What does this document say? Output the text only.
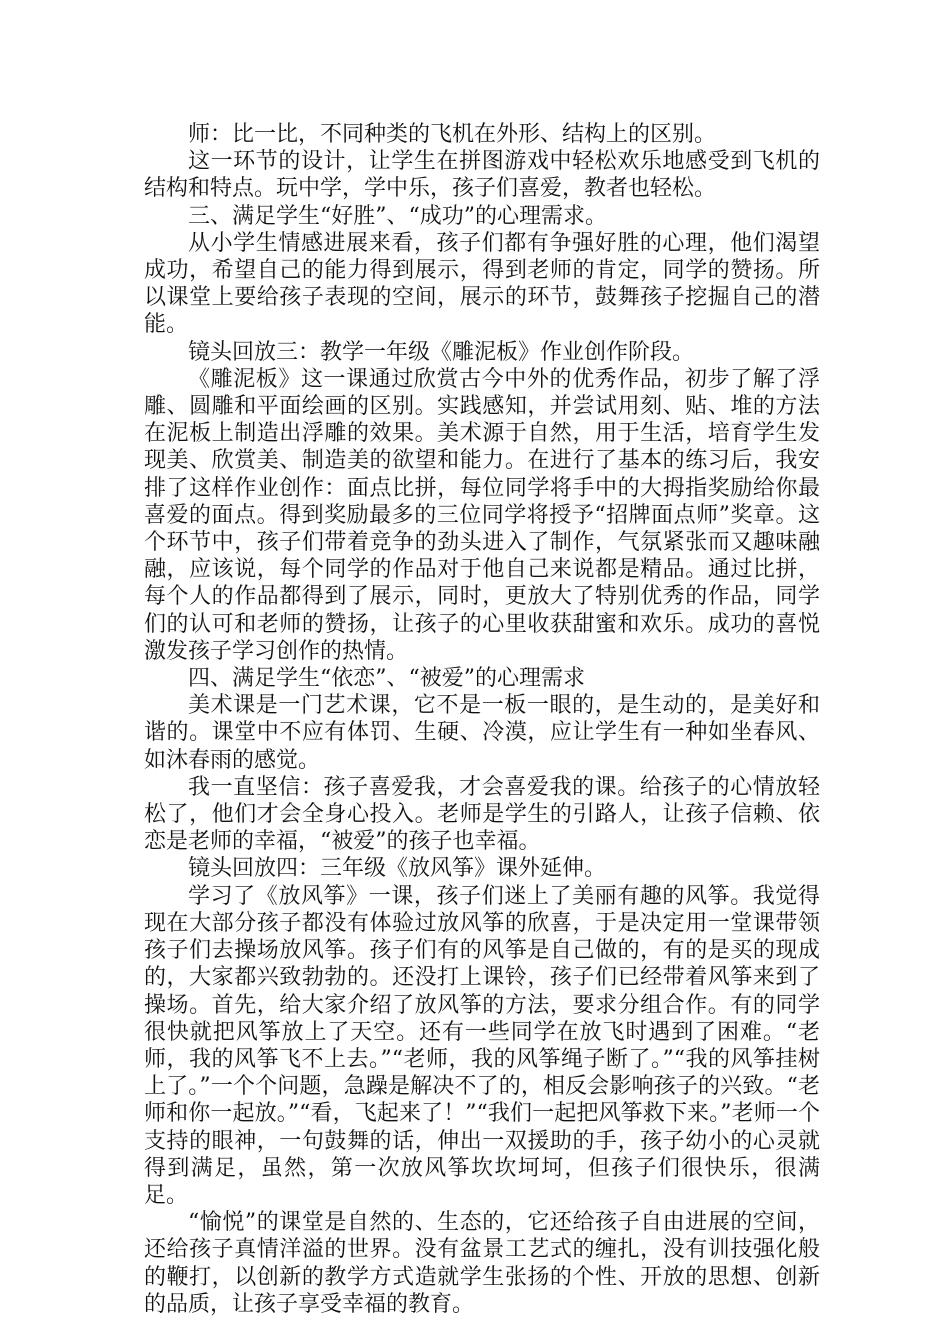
师：比一比，不同种类的飞机在外形、结构上的区别。

这一环节的设计，让学生在拼图游戏中轻松欢乐地感受到飞机的结构和特点。玩中学，学中乐，孩子们喜爱，教者也轻松。

三、满足学生“好胜”、“成功”的心理需求。

从小学生情感进展来看，孩子们都有争强好胜的心理，他们渴望成功，希望自己的能力得到展示，得到老师的肯定，同学的赞扬。所以课堂上要给孩子表现的空间，展示的环节，鼓舞孩子挖掘自己的潜能。

镜头回放三：教学一年级《雕泥板》作业创作阶段。

《雕泥板》这一课通过欣赏古今中外的优秀作品，初步了解了浮雕、圆雕和平面绘画的区别。实践感知，并尝试用刻、贴、堆的方法在泥板上制造出浮雕的效果。美术源于自然，用于生活，培育学生发现美、欣赏美、制造美的欲望和能力。在进行了基本的练习后，我安排了这样作业创作：面点比拼，每位同学将手中的大拇指奖励给你最喜爱的面点。得到奖励最多的三位同学将授予“招牌面点师”奖章。这个环节中，孩子们带着竞争的劲头进入了制作，气氛紧张而又趣味融融，应该说，每个同学的作品对于他自己来说都是精品。通过比拼，每个人的作品都得到了展示，同时，更放大了特别优秀的作品，同学们的认可和老师的赞扬，让孩子的心里收获甜蜜和欢乐。成功的喜悦激发孩子学习创作的热情。

四、满足学生“依恋”、“被爱”的心理需求

美术课是一门艺术课，它不是一板一眼的，是生动的，是美好和谐的。课堂中不应有体罚、生硬、冷漠，应让学生有一种如坐春风、如沐春雨的感觉。

我一直坚信：孩子喜爱我，才会喜爱我的课。给孩子的心情放轻松了，他们才会全身心投入。老师是学生的引路人，让孩子信赖、依恋是老师的幸福，“被爱”的孩子也幸福。

镜头回放四：三年级《放风筝》课外延伸。

学习了《放风筝》一课，孩子们迷上了美丽有趣的风筝。我觉得现在大部分孩子都没有体验过放风筝的欣喜，于是决定用一堂课带领孩子们去操场放风筝。孩子们有的风筝是自己做的，有的是买的现成的，大家都兴致勃勃的。还没打上课铃，孩子们已经带着风筝来到了操场。首先，给大家介绍了放风筝的方法，要求分组合作。有的同学很快就把风筝放上了天空。还有一些同学在放飞时遇到了困难。“老师，我的风筝飞不上去。”“老师，我的风筝绳子断了。”“我的风筝挂树上了。”一个个问题，急躁是解决不了的，相反会影响孩子的兴致。“老师和你一起放。”“看，飞起来了！”“我们一起把风筝救下来。”老师一个支持的眼神，一句鼓舞的话，伸出一双援助的手，孩子幼小的心灵就得到满足，虽然，第一次放风筝坎坎坷坷，但孩子们很快乐，很满足。

“愉悦”的课堂是自然的、生态的，它还给孩子自由进展的空间，还给孩子真情洋溢的世界。没有盆景工艺式的缠扎，没有训技强化般的鞭打，以创新的教学方式造就学生张扬的个性、开放的思想、创新的品质，让孩子享受幸福的教育。
